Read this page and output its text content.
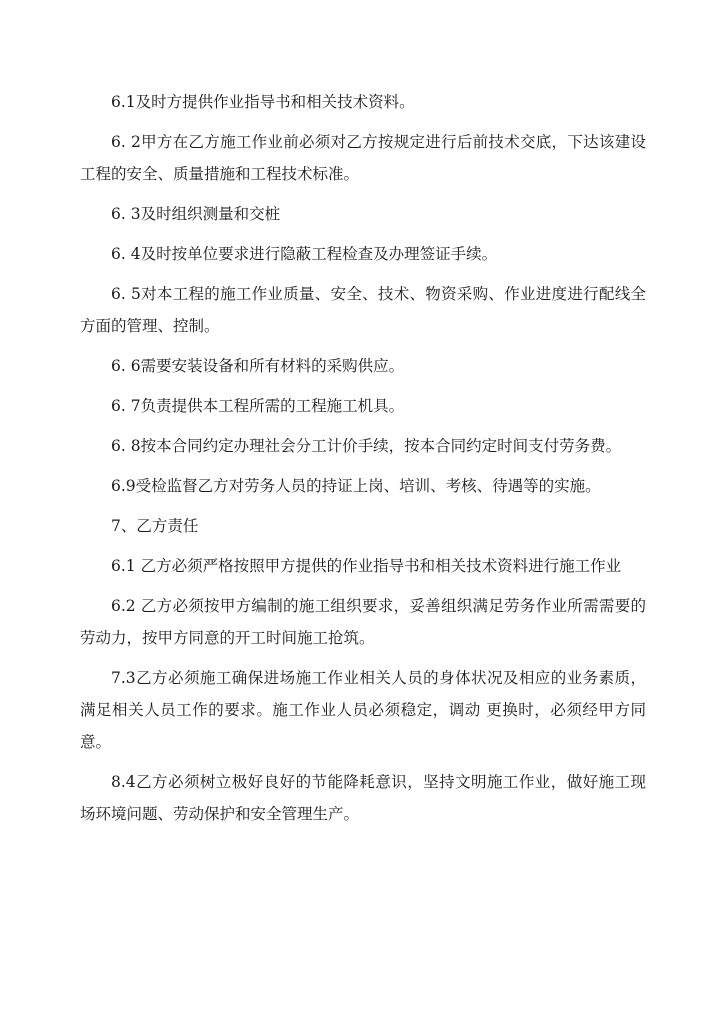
6.1及时方提供作业指导书和相关技术资料。

6. 2甲方在乙方施工作业前必须对乙方按规定进行后前技术交底，下达该建设工程的安全、质量措施和工程技术标准。

6. 3及时组织测量和交桩

6. 4及时按单位要求进行隐蔽工程检查及办理签证手续。

6. 5对本工程的施工作业质量、安全、技术、物资采购、作业进度进行配线全方面的管理、控制。

6. 6需要安装设备和所有材料的采购供应。

6. 7负责提供本工程所需的工程施工机具。

6. 8按本合同约定办理社会分工计价手续，按本合同约定时间支付劳务费。

6.9受检监督乙方对劳务人员的持证上岗、培训、考核、待遇等的实施。

7、乙方责任

6.1 乙方必须严格按照甲方提供的作业指导书和相关技术资料进行施工作业

6.2 乙方必须按甲方编制的施工组织要求，妥善组织满足劳务作业所需需要的劳动力，按甲方同意的开工时间施工抢筑。

7.3乙方必须施工确保进场施工作业相关人员的身体状况及相应的业务素质，满足相关人员工作的要求。施工作业人员必须稳定，调动 更换时，必须经甲方同意。

8.4乙方必须树立极好良好的节能降耗意识，坚持文明施工作业，做好施工现场环境问题、劳动保护和安全管理生产。
